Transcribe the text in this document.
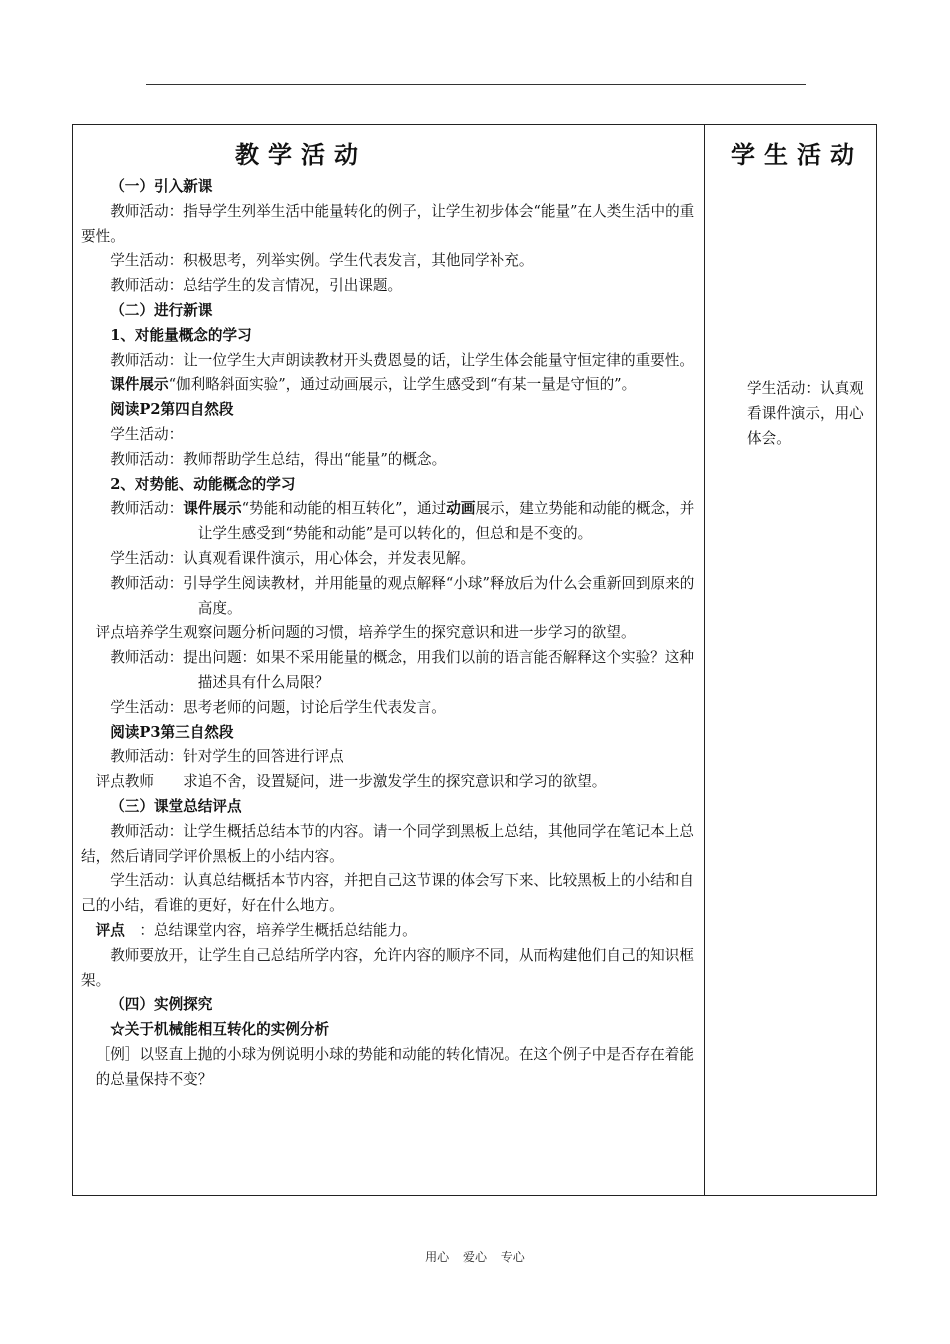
教学活动	学生活动

（一）引入新课

教师活动：指导学生列举生活中能量转化的例子，让学生初步体会“能量”在人类生活中的重要性。

学生活动：积极思考，列举实例。学生代表发言，其他同学补充。

教师活动：总结学生的发言情况，引出课题。

（二）进行新课

1、对能量概念的学习

教师活动：让一位学生大声朗读教材开头费恩曼的话，让学生体会能量守恒定律的重要性。

课件展示“伽利略斜面实验”，通过动画展示，让学生感受到“有某一量是守恒的”。

阅读P2第四自然段

学生活动：

教师活动：教师帮助学生总结，得出“能量”的概念。

2、对势能、动能概念的学习

教师活动：课件展示“势能和动能的相互转化”，通过动画展示，建立势能和动能的概念，并让学生感受到“势能和动能”是可以转化的，但总和是不变的。

学生活动：认真观看课件演示，用心体会，并发表见解。

教师活动：引导学生阅读教材，并用能量的观点解释“小球”释放后为什么会重新回到原来的高度。

评点培养学生观察问题分析问题的习惯，培养学生的探究意识和进一步学习的欲望。

教师活动：提出问题：如果不采用能量的概念，用我们以前的语言能否解释这个实验？这种描述具有什么局限？

学生活动：思考老师的问题，讨论后学生代表发言。

阅读P3第三自然段

教师活动：针对学生的回答进行评点

评点教师　　求追不舍，设置疑问，进一步激发学生的探究意识和学习的欲望。

（三）课堂总结评点

教师活动：让学生概括总结本节的内容。请一个同学到黑板上总结，其他同学在笔记本上总结，然后请同学评价黑板上的小结内容。

学生活动：认真总结概括本节内容，并把自己这节课的体会写下来、比较黑板上的小结和自己的小结，看谁的更好，好在什么地方。

评点　：总结课堂内容，培养学生概括总结能力。

教师要放开，让学生自己总结所学内容，允许内容的顺序不同，从而构建他们自己的知识框架。

（四）实例探究

☆关于机械能相互转化的实例分析

［例］以竖直上抛的小球为例说明小球的势能和动能的转化情况。在这个例子中是否存在着能的总量保持不变？

学生活动：认真观看课件演示，用心体会。
用心 爱心 专心
